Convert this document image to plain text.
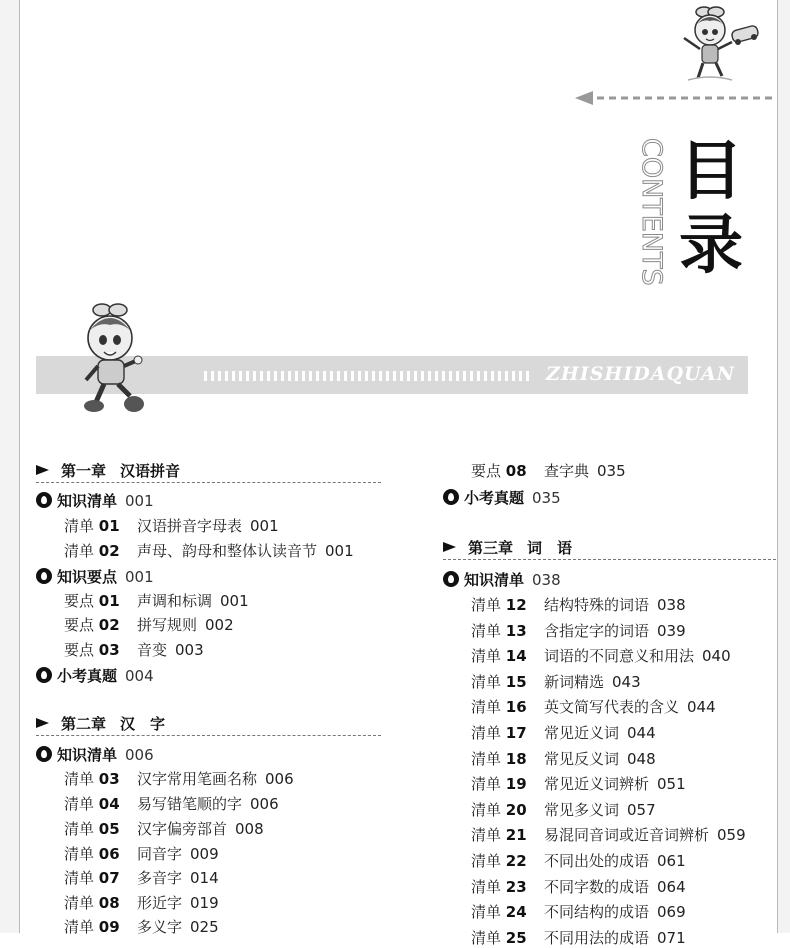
CONTENTS 目
录
ZHISHIDAQUAN
第一章 汉语拼音
知识清单 001
清单 01 汉语拼音字母表 001
清单 02 声母、韵母和整体认读音节 001
知识要点 001
要点 01 声调和标调 001
要点 02 拼写规则 002
要点 03 音变 003
小考真题 004
第二章 汉　字
知识清单 006
清单 03 汉字常用笔画名称 006
清单 04 易写错笔顺的字 006
清单 05 汉字偏旁部首 008
清单 06 同音字 009
清单 07 多音字 014
清单 08 形近字 019
清单 09 多义字 025
要点 08 查字典 035
小考真题 035
第三章 词　语
知识清单 038
清单 12 结构特殊的词语 038
清单 13 含指定字的词语 039
清单 14 词语的不同意义和用法 040
清单 15 新词精选 043
清单 16 英文简写代表的含义 044
清单 17 常见近义词 044
清单 18 常见反义词 048
清单 19 常见近义词辨析 051
清单 20 常见多义词 057
清单 21 易混同音词或近音词辨析 059
清单 22 不同出处的成语 061
清单 23 不同字数的成语 064
清单 24 不同结构的成语 069
清单 25 不同用法的成语 071
